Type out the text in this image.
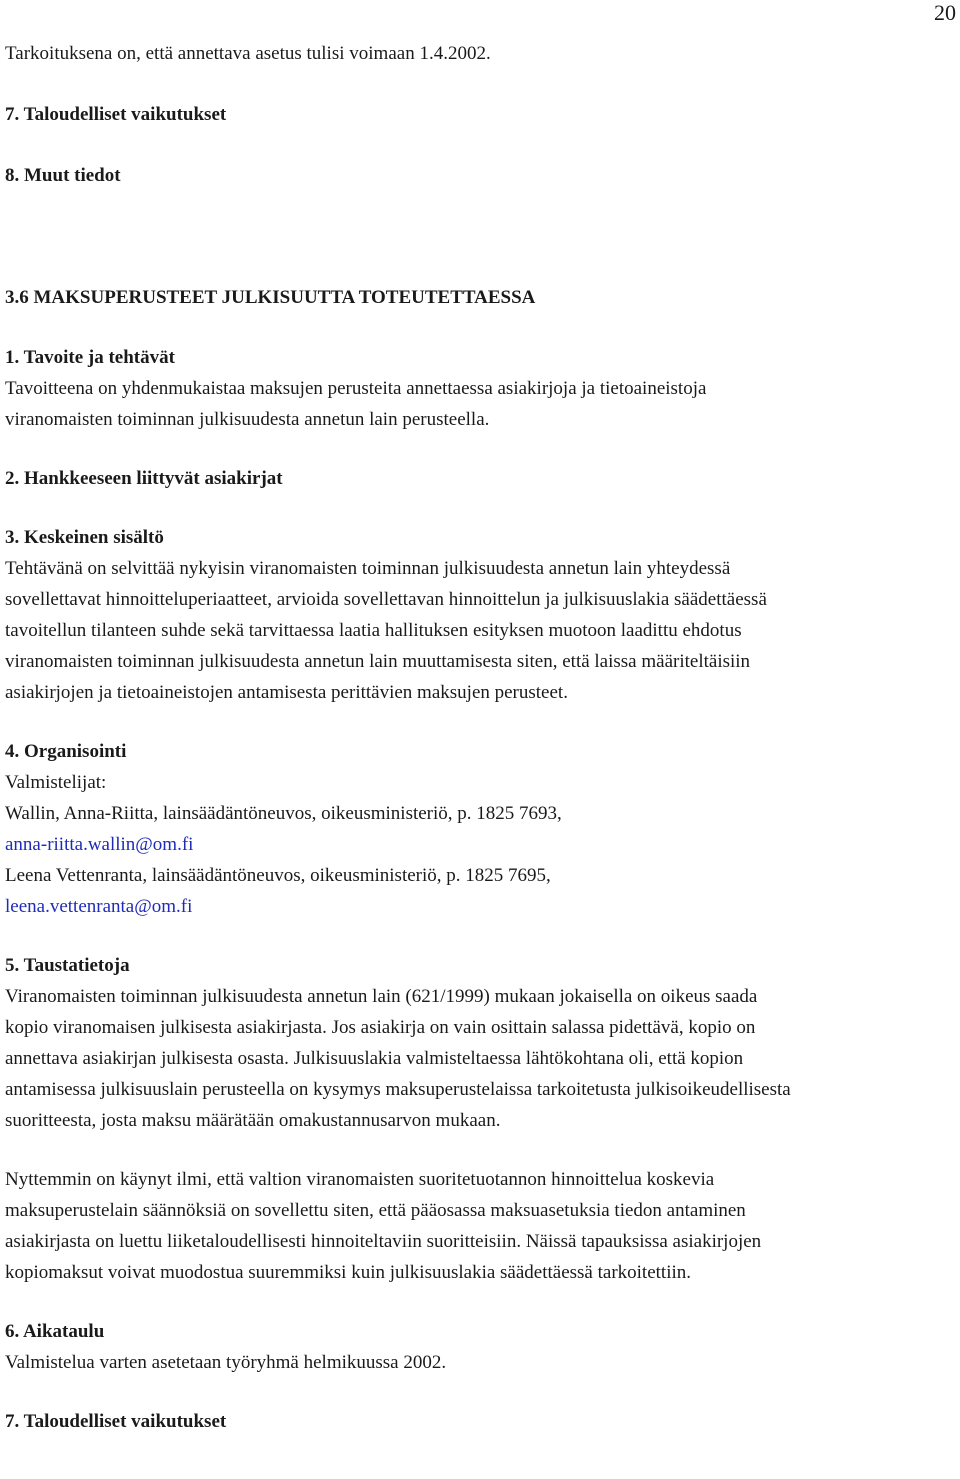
20
Tarkoituksena on, että annettava asetus tulisi voimaan 1.4.2002.
7. Taloudelliset vaikutukset
8. Muut tiedot
3.6 MAKSUPERUSTEET JULKISUUTTA TOTEUTETTAESSA
1. Tavoite ja tehtävät
Tavoitteena on yhdenmukaistaa maksujen perusteita annettaessa asiakirjoja ja tietoaineistoja
viranomaisten toiminnan julkisuudesta annetun lain perusteella.
2. Hankkeeseen liittyvät asiakirjat
3. Keskeinen sisältö
Tehtävänä on selvittää nykyisin viranomaisten toiminnan julkisuudesta annetun lain yhteydessä
sovellettavat hinnoitteluperiaatteet, arvioida sovellettavan hinnoittelun ja julkisuuslakia säädettäessä
tavoitellun tilanteen suhde sekä tarvittaessa laatia hallituksen esityksen muotoon laadittu ehdotus
viranomaisten toiminnan julkisuudesta annetun lain muuttamisesta siten, että laissa määriteltäisiin
asiakirjojen ja tietoaineistojen antamisesta perittävien maksujen perusteet.
4. Organisointi
Valmistelijat:
Wallin, Anna-Riitta, lainsäädäntöneuvos, oikeusministeriö, p. 1825 7693,
anna-riitta.wallin@om.fi
Leena Vettenranta, lainsäädäntöneuvos, oikeusministeriö, p. 1825 7695,
leena.vettenranta@om.fi
5. Taustatietoja
Viranomaisten toiminnan julkisuudesta annetun lain (621/1999) mukaan jokaisella on oikeus saada
kopio viranomaisen julkisesta asiakirjasta. Jos asiakirja on vain osittain salassa pidettävä, kopio on
annettava asiakirjan julkisesta osasta. Julkisuuslakia valmisteltaessa lähtökohtana oli, että kopion
antamisessa julkisuuslain perusteella on kysymys maksuperustelaissa tarkoitetusta julkisoikeudellisesta
suoritteesta, josta maksu määrätään omakustannusarvon mukaan.
Nyttemmin on käynyt ilmi, että valtion viranomaisten suoritetuotannon hinnoittelua koskevia
maksuperustelain säännöksiä on sovellettu siten, että pääosassa maksuasetuksia tiedon antaminen
asiakirjasta on luettu liiketaloudellisesti hinnoiteltaviin suoritteisiin. Näissä tapauksissa asiakirjojen
kopiomaksut voivat muodostua suuremmiksi kuin julkisuuslakia säädettäessä tarkoitettiin.
6. Aikataulu
Valmistelua varten asetetaan työryhmä helmikuussa 2002.
7. Taloudelliset vaikutukset
